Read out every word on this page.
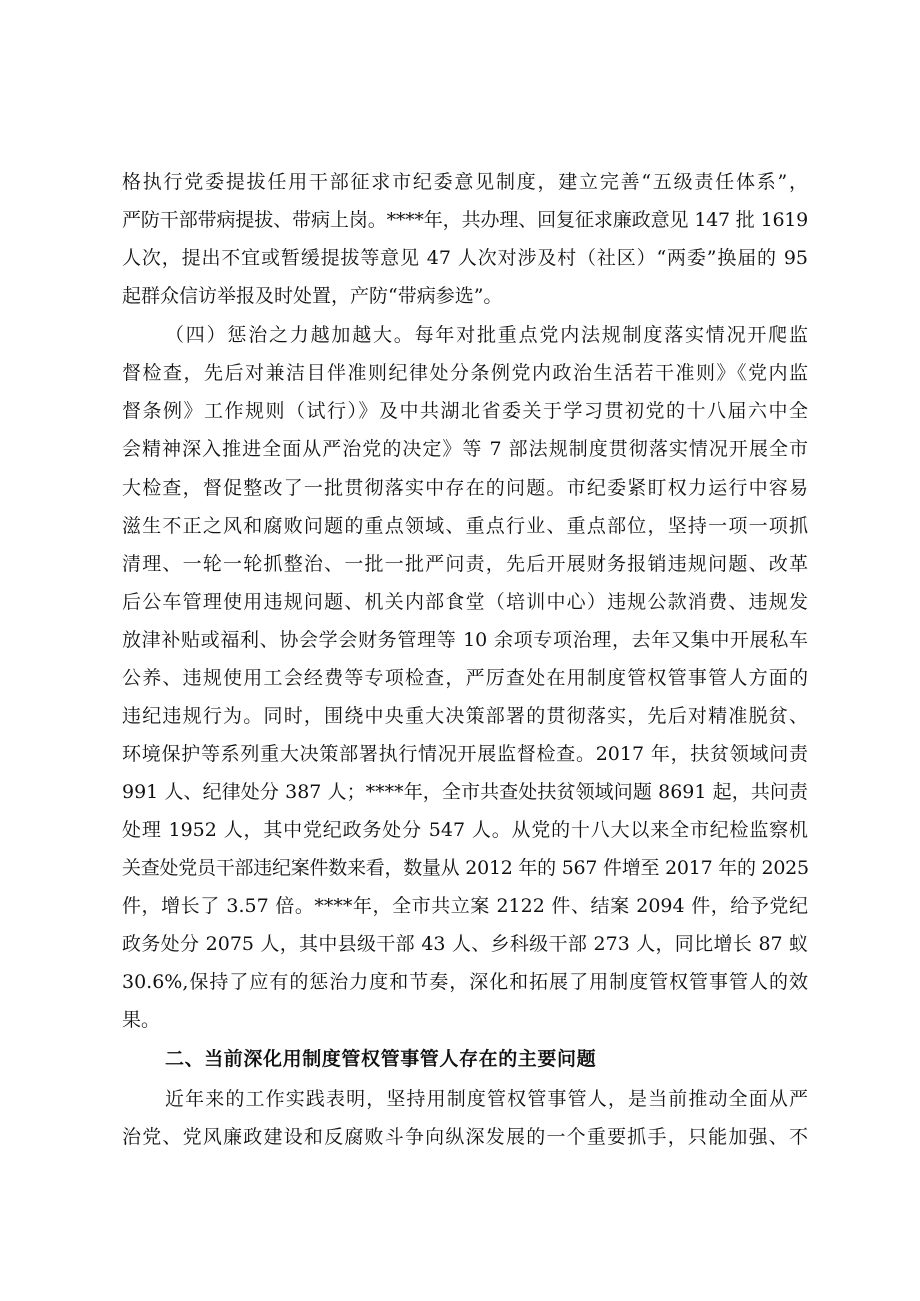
格执行党委提拔任用干部征求市纪委意见制度，建立完善“五级责任体系”，
严防干部带病提拔、带病上岗。****年，共办理、回复征求廉政意见 147 批 1619
人次，提出不宜或暂缓提拔等意见 47 人次对涉及村（社区）“两委”换届的 95
起群众信访举报及时处置，产防“带病参选”。
（四）惩治之力越加越大。每年对批重点党内法规制度落实情况开爬监
督检查，先后对兼洁目伴准则纪律处分条例党内政治生活若干准则》《党内监
督条例》工作规则（试行）》及中共湖北省委关于学习贯初党的十八届六中全
会精神深入推进全面从严治党的决定》等 7 部法规制度贯彻落实情况开展全市
大检查，督促整改了一批贯彻落实中存在的问题。市纪委紧盯权力运行中容易
滋生不正之风和腐败问题的重点领域、重点行业、重点部位，坚持一项一项抓
清理、一轮一轮抓整治、一批一批严问责，先后开展财务报销违规问题、改革
后公车管理使用违规问题、机关内部食堂（培训中心）违规公款消费、违规发
放津补贴或福利、协会学会财务管理等 10 余项专项治理，去年又集中开展私车
公养、违规使用工会经费等专项检查，严厉查处在用制度管权管事管人方面的
违纪违规行为。同时，围绕中央重大决策部署的贯彻落实，先后对精准脱贫、
环境保护等系列重大决策部署执行情况开展监督检查。2017 年，扶贫领域问责
991 人、纪律处分 387 人；****年，全市共查处扶贫领域问题 8691 起，共问责
处理 1952 人，其中党纪政务处分 547 人。从党的十八大以来全市纪检监察机
关查处党员干部违纪案件数来看，数量从 2012 年的 567 件增至 2017 年的 2025
件，增长了 3.57 倍。****年，全市共立案 2122 件、结案 2094 件，给予党纪
政务处分 2075 人，其中县级干部 43 人、乡科级干部 273 人，同比增长 87 蚁
30.6%,保持了应有的惩治力度和节奏，深化和拓展了用制度管权管事管人的效
果。
二、当前深化用制度管权管事管人存在的主要问题
近年来的工作实践表明，坚持用制度管权管事管人，是当前推动全面从严
治党、党风廉政建设和反腐败斗争向纵深发展的一个重要抓手，只能加强、不
